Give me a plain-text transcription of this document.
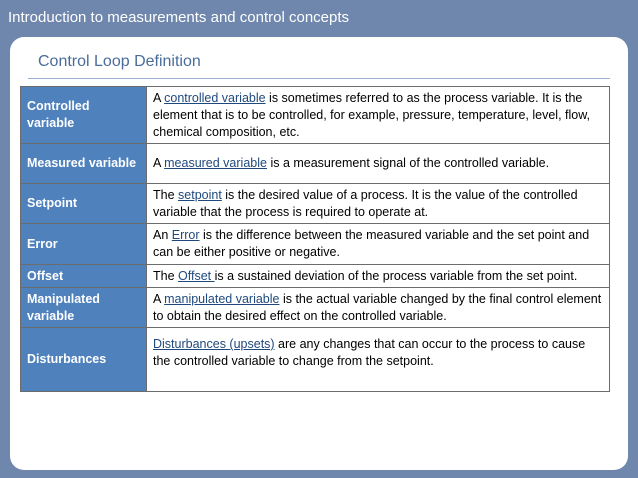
Introduction to measurements and control concepts
Control Loop Definition
Controlled variable	A controlled variable is sometimes referred to as the process variable. It is the element that is to be controlled, for example, pressure, temperature, level, flow, chemical composition, etc.
Measured variable	A measured variable is a measurement signal of the controlled variable.
Setpoint	The setpoint is the desired value of a process. It is the value of the controlled variable that the process is required to operate at.
Error	An Error is the difference between the measured variable and the set point and can be either positive or negative.
Offset	The Offset is a sustained deviation of the process variable from the set point.
Manipulated variable	A manipulated variable is the actual variable changed by the final control element to obtain the desired effect on the controlled variable.
Disturbances	Disturbances (upsets) are any changes that can occur to the process to cause the controlled variable to change from the setpoint.
